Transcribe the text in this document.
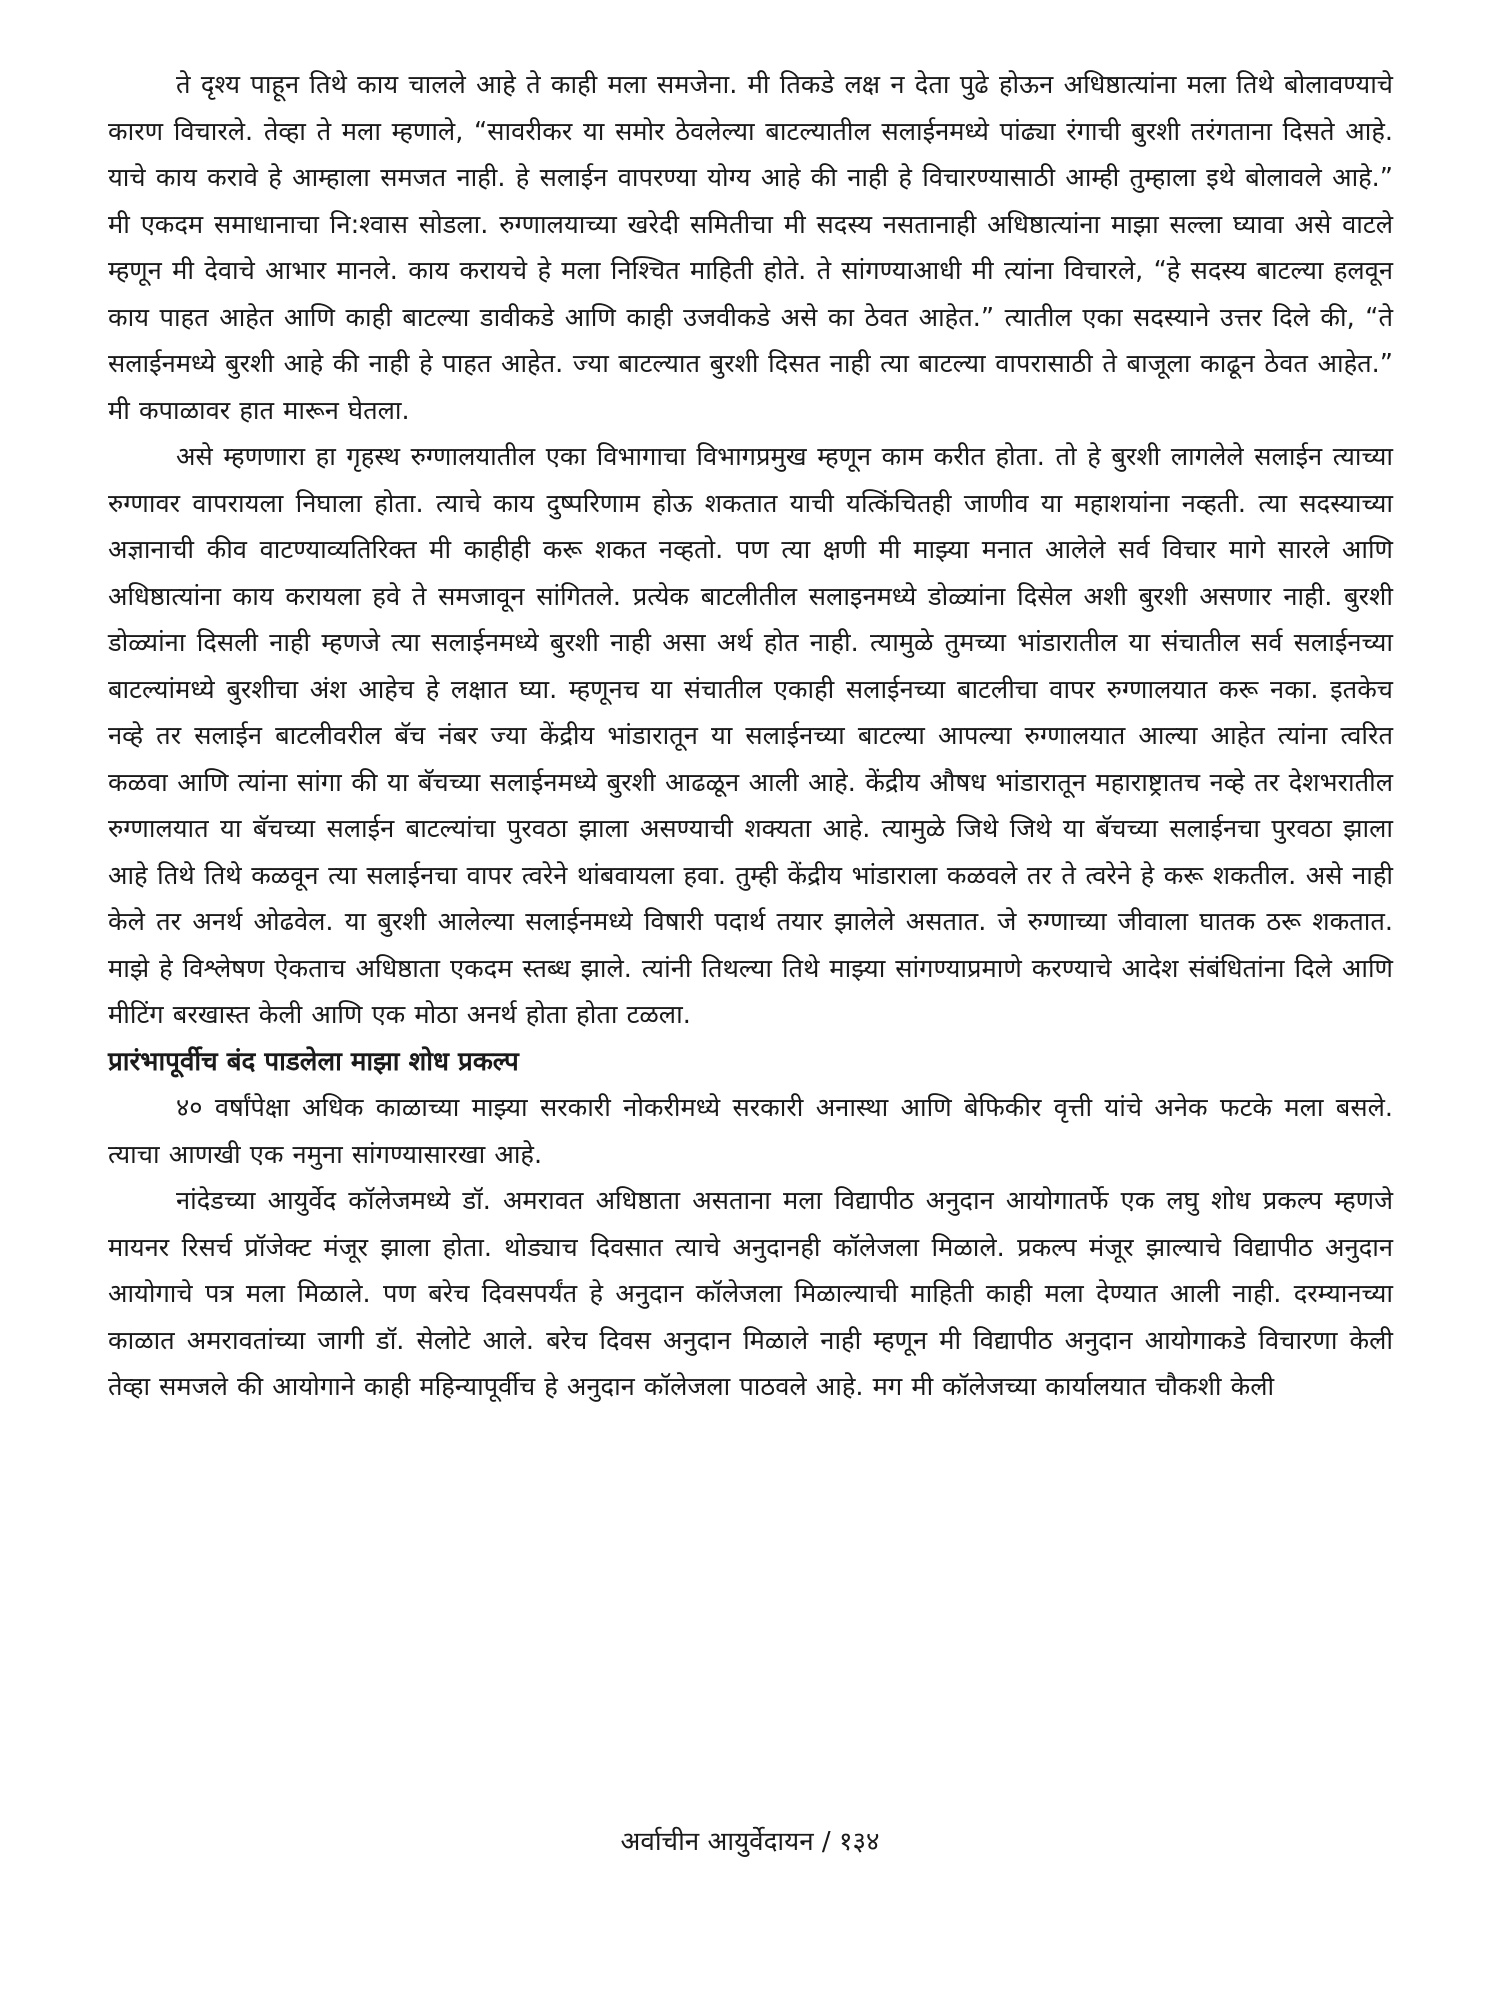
ते दृश्य पाहून तिथे काय चालले आहे ते काही मला समजेना. मी तिकडे लक्ष न देता पुढे होऊन अधिष्ठात्यांना मला तिथे बोलावण्याचे कारण विचारले. तेव्हा ते मला म्हणाले, “सावरीकर या समोर ठेवलेल्या बाटल्यातील सलाईनमध्ये पांढ्या रंगाची बुरशी तरंगताना दिसते आहे. याचे काय करावे हे आम्हाला समजत नाही. हे सलाईन वापरण्या योग्य आहे की नाही हे विचारण्यासाठी आम्ही तुम्हाला इथे बोलावले आहे.” मी एकदम समाधानाचा नि:श्वास सोडला. रुग्णालयाच्या खरेदी समितीचा मी सदस्य नसतानाही अधिष्ठात्यांना माझा सल्ला घ्यावा असे वाटले म्हणून मी देवाचे आभार मानले. काय करायचे हे मला निश्चित माहिती होते. ते सांगण्याआधी मी त्यांना विचारले, “हे सदस्य बाटल्या हलवून काय पाहत आहेत आणि काही बाटल्या डावीकडे आणि काही उजवीकडे असे का ठेवत आहेत.” त्यातील एका सदस्याने उत्तर दिले की, “ते सलाईनमध्ये बुरशी आहे की नाही हे पाहत आहेत. ज्या बाटल्यात बुरशी दिसत नाही त्या बाटल्या वापरासाठी ते बाजूला काढून ठेवत आहेत.” मी कपाळावर हात मारून घेतला.

असे म्हणणारा हा गृहस्थ रुग्णालयातील एका विभागाचा विभागप्रमुख म्हणून काम करीत होता. तो हे बुरशी लागलेले सलाईन त्याच्या रुग्णावर वापरायला निघाला होता. त्याचे काय दुष्परिणाम होऊ शकतात याची यत्किंचितही जाणीव या महाशयांना नव्हती. त्या सदस्याच्या अज्ञानाची कीव वाटण्याव्यतिरिक्त मी काहीही करू शकत नव्हतो. पण त्या क्षणी मी माझ्या मनात आलेले सर्व विचार मागे सारले आणि अधिष्ठात्यांना काय करायला हवे ते समजावून सांगितले. प्रत्येक बाटलीतील सलाइनमध्ये डोळ्यांना दिसेल अशी बुरशी असणार नाही. बुरशी डोळ्यांना दिसली नाही म्हणजे त्या सलाईनमध्ये बुरशी नाही असा अर्थ होत नाही. त्यामुळे तुमच्या भांडारातील या संचातील सर्व सलाईनच्या बाटल्यांमध्ये बुरशीचा अंश आहेच हे लक्षात घ्या. म्हणूनच या संचातील एकाही सलाईनच्या बाटलीचा वापर रुग्णालयात करू नका. इतकेच नव्हे तर सलाईन बाटलीवरील बॅच नंबर ज्या केंद्रीय भांडारातून या सलाईनच्या बाटल्या आपल्या रुग्णालयात आल्या आहेत त्यांना त्वरित कळवा आणि त्यांना सांगा की या बॅचच्या सलाईनमध्ये बुरशी आढळून आली आहे. केंद्रीय औषध भांडारातून महाराष्ट्रातच नव्हे तर देशभरातील रुग्णालयात या बॅचच्या सलाईन बाटल्यांचा पुरवठा झाला असण्याची शक्यता आहे. त्यामुळे जिथे जिथे या बॅचच्या सलाईनचा पुरवठा झाला आहे तिथे तिथे कळवून त्या सलाईनचा वापर त्वरेने थांबवायला हवा. तुम्ही केंद्रीय भांडाराला कळवले तर ते त्वरेने हे करू शकतील. असे नाही केले तर अनर्थ ओढवेल. या बुरशी आलेल्या सलाईनमध्ये विषारी पदार्थ तयार झालेले असतात. जे रुग्णाच्या जीवाला घातक ठरू शकतात. माझे हे विश्लेषण ऐकताच अधिष्ठाता एकदम स्तब्ध झाले. त्यांनी तिथल्या तिथे माझ्या सांगण्याप्रमाणे करण्याचे आदेश संबंधितांना दिले आणि मीटिंग बरखास्त केली आणि एक मोठा अनर्थ होता होता टळला.

प्रारंभापूर्वीच बंद पाडलेला माझा शोध प्रकल्प

४० वर्षांपेक्षा अधिक काळाच्या माझ्या सरकारी नोकरीमध्ये सरकारी अनास्था आणि बेफिकीर वृत्ती यांचे अनेक फटके मला बसले. त्याचा आणखी एक नमुना सांगण्यासारखा आहे.

नांदेडच्या आयुर्वेद कॉलेजमध्ये डॉ. अमरावत अधिष्ठाता असताना मला विद्यापीठ अनुदान आयोगातर्फे एक लघु शोध प्रकल्प म्हणजे मायनर रिसर्च प्रॉजेक्ट मंजूर झाला होता. थोड्याच दिवसात त्याचे अनुदानही कॉलेजला मिळाले. प्रकल्प मंजूर झाल्याचे विद्यापीठ अनुदान आयोगाचे पत्र मला मिळाले. पण बरेच दिवसपर्यंत हे अनुदान कॉलेजला मिळाल्याची माहिती काही मला देण्यात आली नाही. दरम्यानच्या काळात अमरावतांच्या जागी डॉ. सेलोटे आले. बरेच दिवस अनुदान मिळाले नाही म्हणून मी विद्यापीठ अनुदान आयोगाकडे विचारणा केली तेव्हा समजले की आयोगाने काही महिन्यापूर्वीच हे अनुदान कॉलेजला पाठवले आहे. मग मी कॉलेजच्या कार्यालयात चौकशी केली

अर्वाचीन आयुर्वेदायन / १३४
